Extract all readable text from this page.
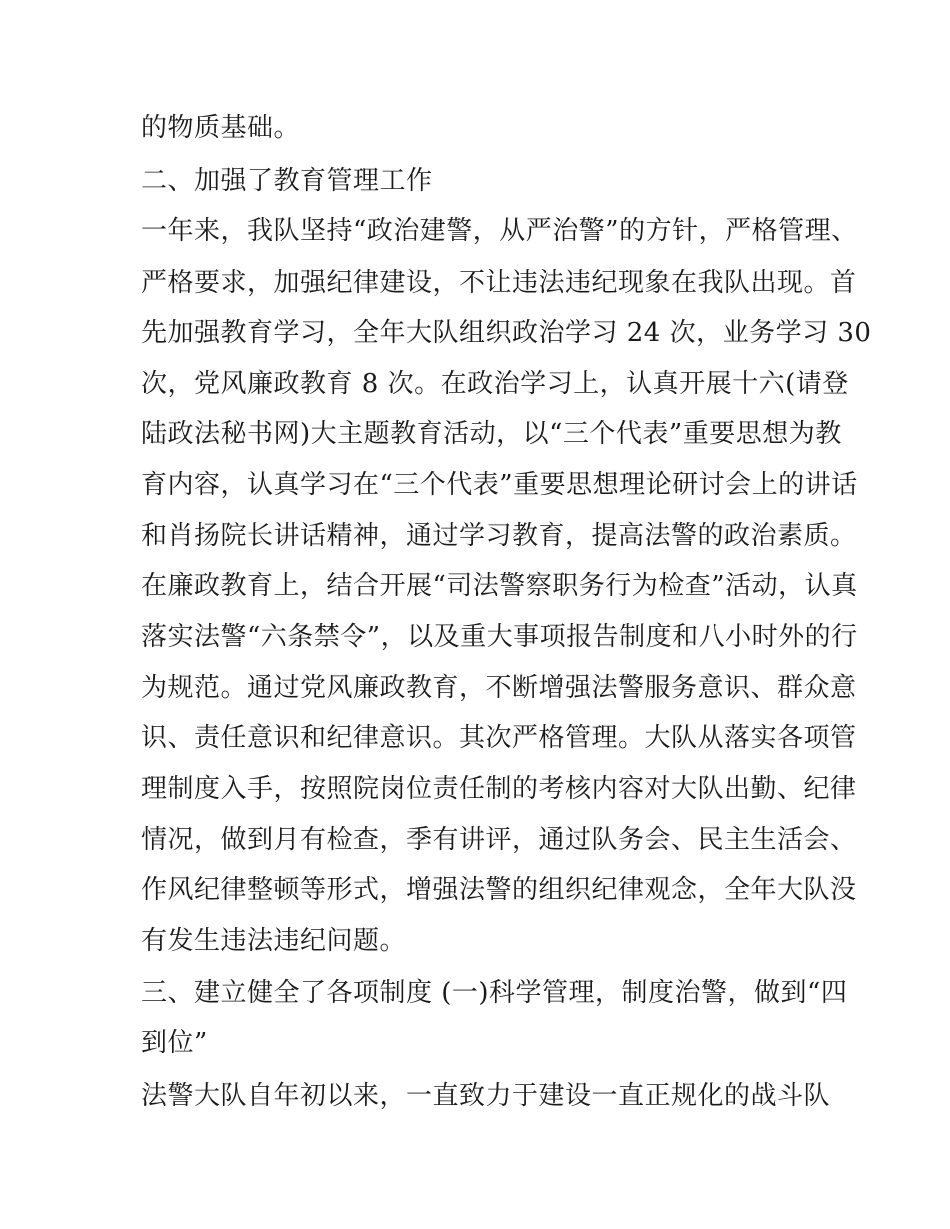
的物质基础。
二、加强了教育管理工作
一年来，我队坚持“政治建警，从严治警”的方针，严格管理、
严格要求，加强纪律建设，不让违法违纪现象在我队出现。首
先加强教育学习，全年大队组织政治学习 24 次，业务学习 30
次，党风廉政教育 8 次。在政治学习上，认真开展十六(请登
陆政法秘书网)大主题教育活动，以“三个代表”重要思想为教
育内容，认真学习在“三个代表”重要思想理论研讨会上的讲话
和肖扬院长讲话精神，通过学习教育，提高法警的政治素质。
在廉政教育上，结合开展“司法警察职务行为检查”活动，认真
落实法警“六条禁令”，以及重大事项报告制度和八小时外的行
为规范。通过党风廉政教育，不断增强法警服务意识、群众意
识、责任意识和纪律意识。其次严格管理。大队从落实各项管
理制度入手，按照院岗位责任制的考核内容对大队出勤、纪律
情况，做到月有检查，季有讲评，通过队务会、民主生活会、
作风纪律整顿等形式，增强法警的组织纪律观念，全年大队没
有发生违法违纪问题。
三、建立健全了各项制度 (一)科学管理，制度治警，做到“四
到位”
法警大队自年初以来，一直致力于建设一直正规化的战斗队
